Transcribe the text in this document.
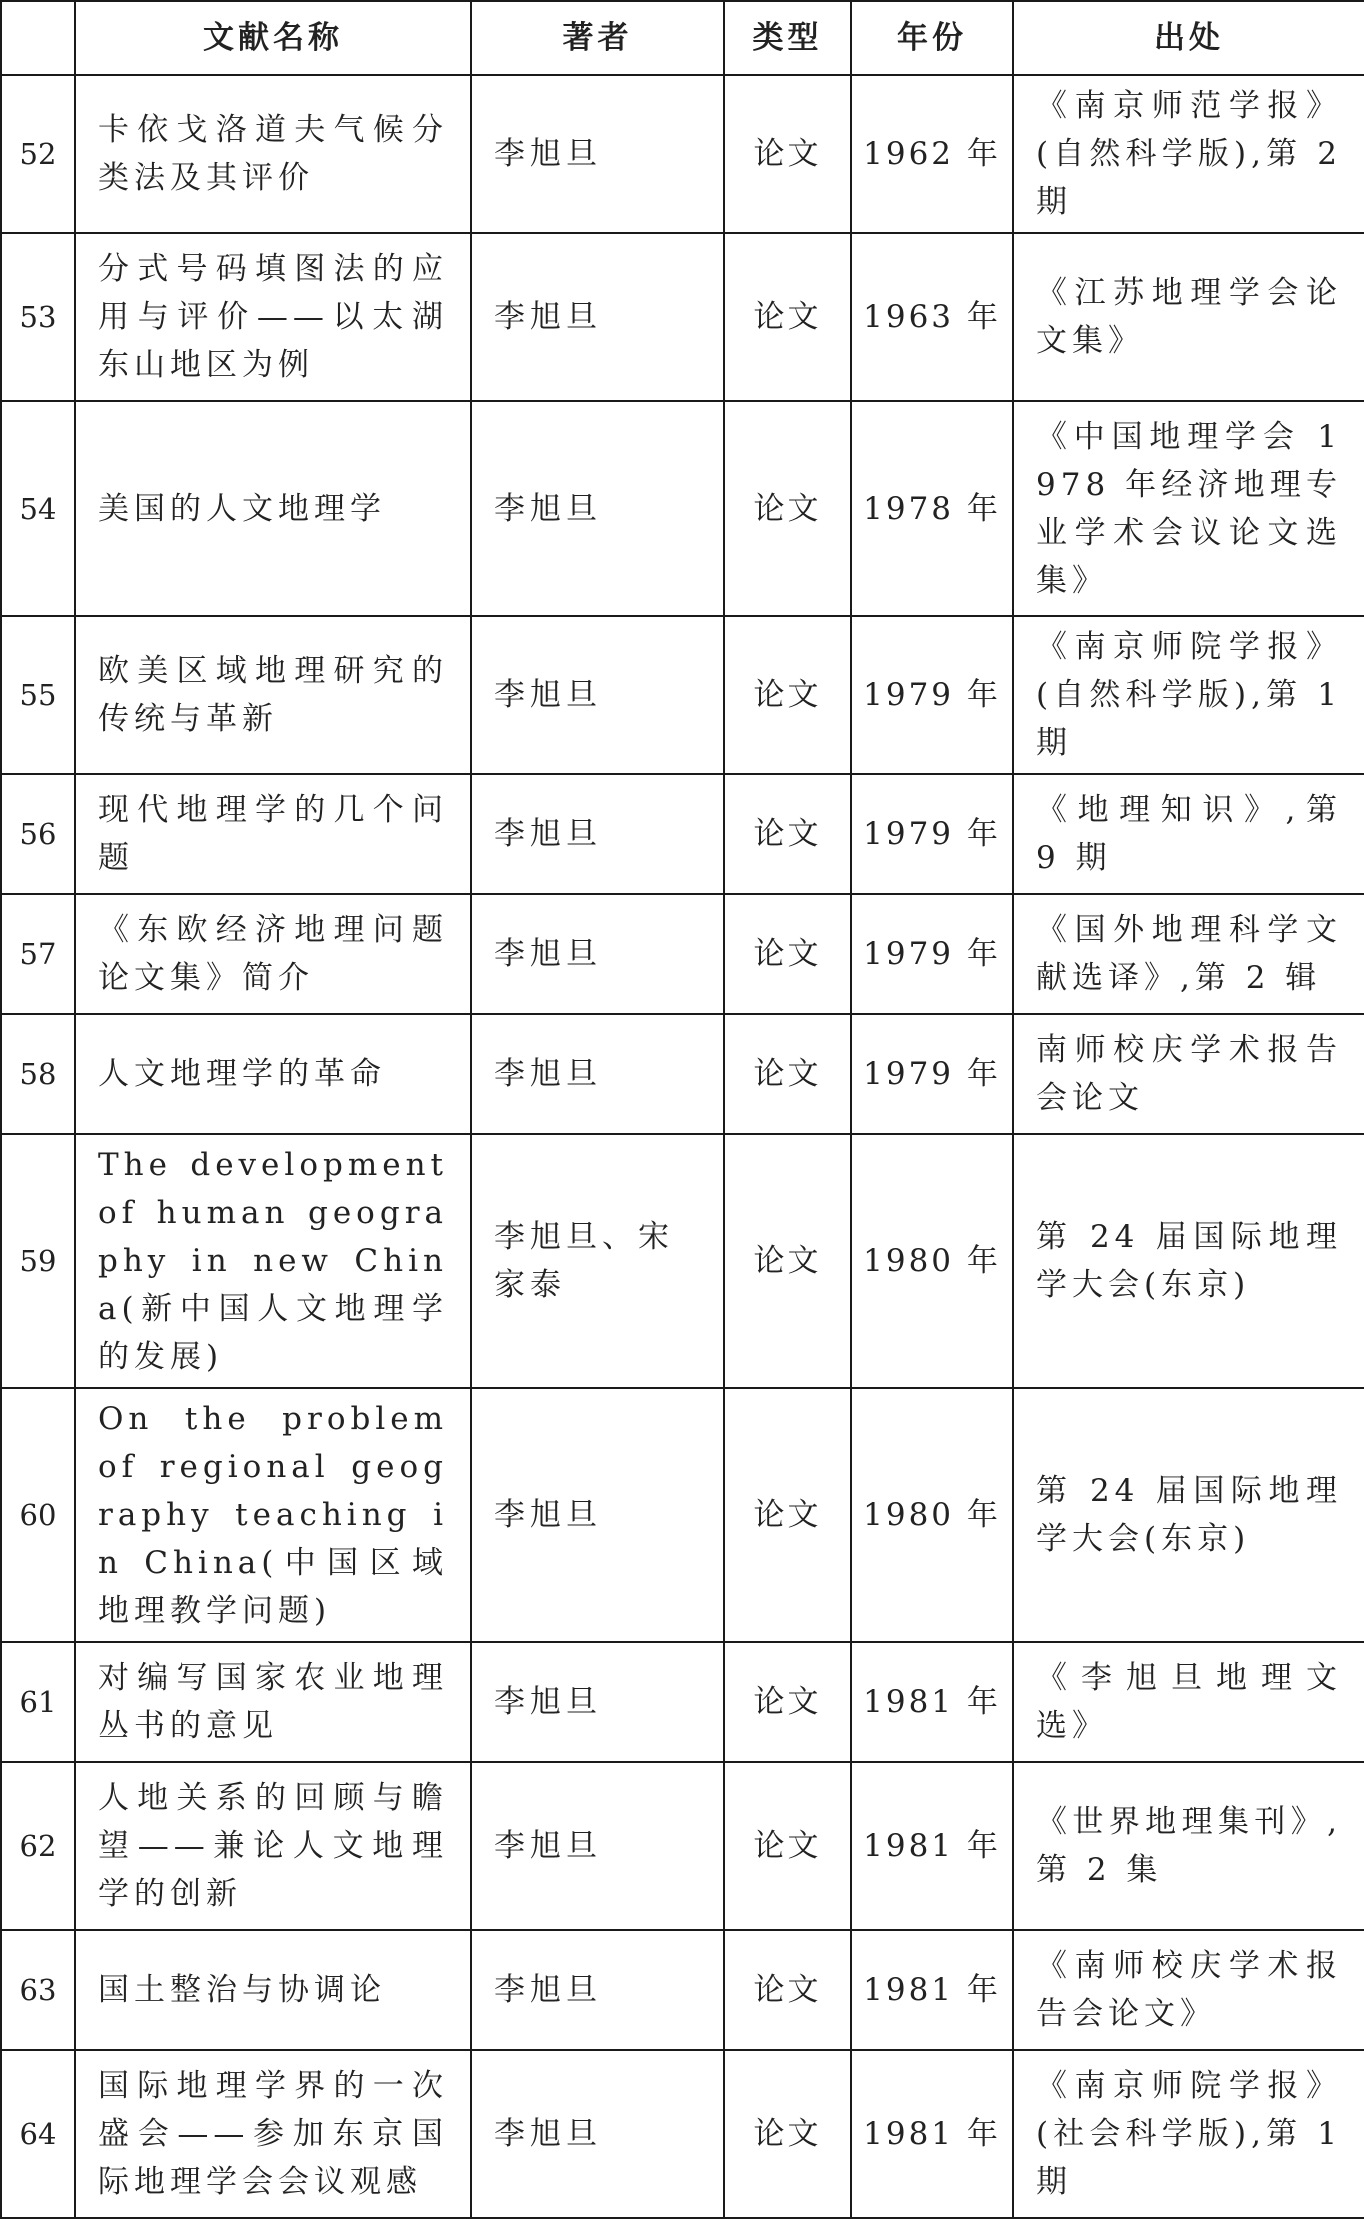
	文献名称	著者	类型	年份	出处
52	卡依戈洛道夫气候分类法及其评价	李旭旦	论文	1962 年	《南京师范学报》(自然科学版),第 2 期
53	分式号码填图法的应用与评价——以太湖东山地区为例	李旭旦	论文	1963 年	《江苏地理学会论文集》
54	美国的人文地理学	李旭旦	论文	1978 年	《中国地理学会 1978 年经济地理专业学术会议论文选集》
55	欧美区域地理研究的传统与革新	李旭旦	论文	1979 年	《南京师院学报》(自然科学版),第 1 期
56	现代地理学的几个问题	李旭旦	论文	1979 年	《地理知识》,第 9 期
57	《东欧经济地理问题论文集》简介	李旭旦	论文	1979 年	《国外地理科学文献选译》,第 2 辑
58	人文地理学的革命	李旭旦	论文	1979 年	南师校庆学术报告会论文
59	The development of human geography in new China(新中国人文地理学的发展)	李旭旦、宋家泰	论文	1980 年	第 24 届国际地理学大会(东京)
60	On the problem of regional geography teaching in China(中国区域地理教学问题)	李旭旦	论文	1980 年	第 24 届国际地理学大会(东京)
61	对编写国家农业地理丛书的意见	李旭旦	论文	1981 年	《李旭旦地理文选》
62	人地关系的回顾与瞻望——兼论人文地理学的创新	李旭旦	论文	1981 年	《世界地理集刊》,第 2 集
63	国土整治与协调论	李旭旦	论文	1981 年	《南师校庆学术报告会论文》
64	国际地理学界的一次盛会——参加东京国际地理学会会议观感	李旭旦	论文	1981 年	《南京师院学报》(社会科学版),第 1 期
